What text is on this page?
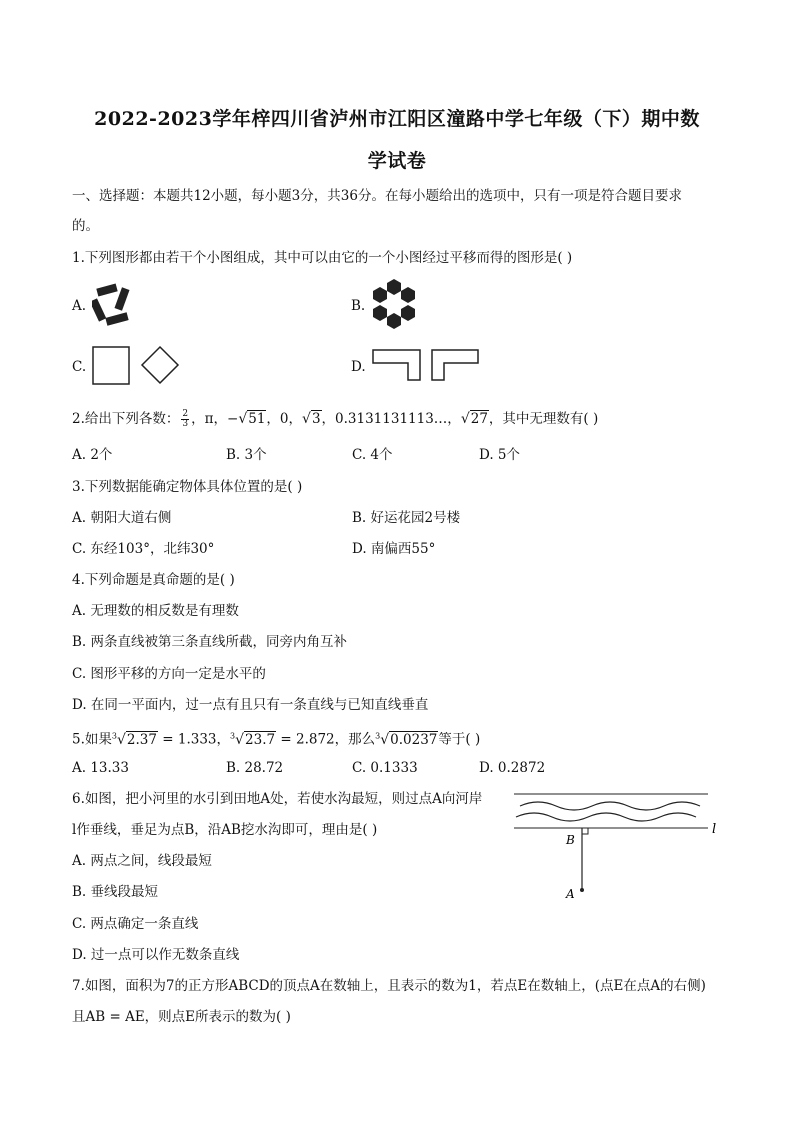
2022-2023学年梓四川省泸州市江阳区潼路中学七年级（下）期中数
学试卷
一、选择题：本题共12小题，每小题3分，共36分。在每小题给出的选项中，只有一项是符合题目要求
的。
1.下列图形都由若干个小图组成，其中可以由它的一个小图经过平移而得的图形是( )
A.	B.
C.	D.
2.给出下列各数： $\frac{2}{3}$ ，π，−√51，0，√3，0.3131131113…，√27，其中无理数有( )
A. 2个	B. 3个	C. 4个	D. 5个
3.下列数据能确定物体具体位置的是( )
A. 朝阳大道右侧	B. 好运花园2号楼
C. 东经103°，北纬30°	D. 南偏西55°
4.下列命题是真命题的是( )
A. 无理数的相反数是有理数
B. 两条直线被第三条直线所截，同旁内角互补
C. 图形平移的方向一定是水平的
D. 在同一平面内，过一点有且只有一条直线与已知直线垂直
5.如果$^3$√2.37 = 1.333，$^3$√23.7 = 2.872，那么$^3$√0.0237等于( )
A. 13.33	B. 28.72	C. 0.1333	D. 0.2872
6.如图，把小河里的水引到田地A处，若使水沟最短，则过点A向河岸
l作垂线，垂足为点B，沿AB挖水沟即可，理由是( )
A. 两点之间，线段最短
B. 垂线段最短
C. 两点确定一条直线
D. 过一点可以作无数条直线
l
B
A
7.如图，面积为7的正方形ABCD的顶点A在数轴上，且表示的数为1，若点E在数轴上，(点E在点A的右侧)
且AB = AE，则点E所表示的数为( )
